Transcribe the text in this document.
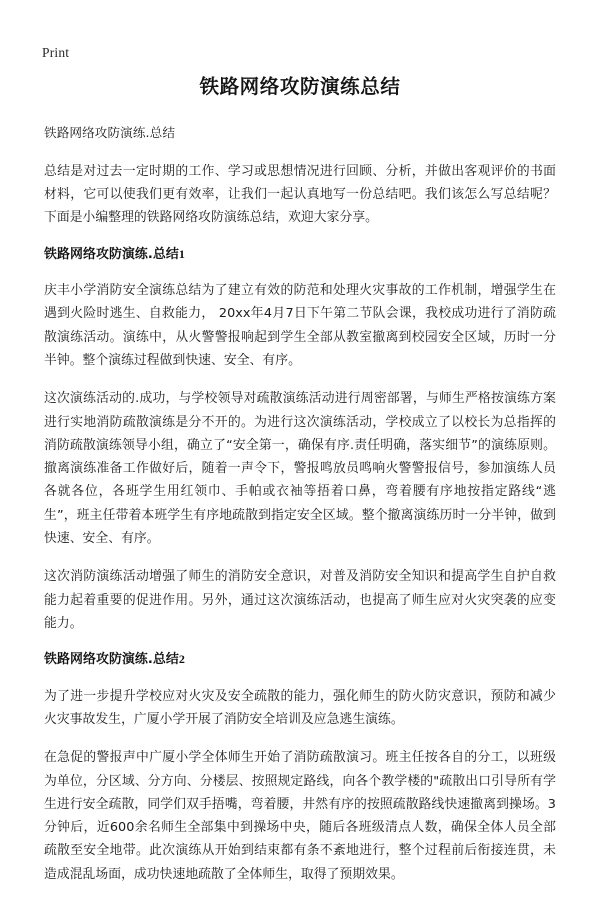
Print
铁路网络攻防演练总结
铁路网络攻防演练.总结

总结是对过去一定时期的工作、学习或思想情况进行回顾、分析，并做出客观评价的书面材料，它可以使我们更有效率，让我们一起认真地写一份总结吧。我们该怎么写总结呢？下面是小编整理的铁路网络攻防演练总结，欢迎大家分享。

铁路网络攻防演练.总结1

庆丰小学消防安全演练总结为了建立有效的防范和处理火灾事故的工作机制，增强学生在遇到火险时逃生、自救能力， 20xx年4月7日下午第二节队会课，我校成功进行了消防疏散演练活动。演练中，从火警警报响起到学生全部从教室撤离到校园安全区域，历时一分半钟。整个演练过程做到快速、安全、有序。

这次演练活动的.成功，与学校领导对疏散演练活动进行周密部署，与师生严格按演练方案进行实地消防疏散演练是分不开的。为进行这次演练活动，学校成立了以校长为总指挥的消防疏散演练领导小组，确立了“安全第一，确保有序.责任明确，落实细节”的演练原则。撤离演练准备工作做好后，随着一声令下，警报鸣放员鸣响火警警报信号，参加演练人员各就各位，各班学生用红领巾、手帕或衣袖等捂着口鼻，弯着腰有序地按指定路线“逃生”，班主任带着本班学生有序地疏散到指定安全区域。整个撤离演练历时一分半钟，做到快速、安全、有序。

这次消防演练活动增强了师生的消防安全意识，对普及消防安全知识和提高学生自护自救能力起着重要的促进作用。另外，通过这次演练活动，也提高了师生应对火灾突袭的应变能力。

铁路网络攻防演练.总结2

为了进一步提升学校应对火灾及安全疏散的能力，强化师生的防火防灾意识，预防和减少火灾事故发生，广厦小学开展了消防安全培训及应急逃生演练。

在急促的警报声中广厦小学全体师生开始了消防疏散演习。班主任按各自的分工，以班级为单位，分区域、分方向、分楼层、按照规定路线，向各个教学楼的"疏散出口引导所有学生进行安全疏散，同学们双手捂嘴，弯着腰，井然有序的按照疏散路线快速撤离到操场。3分钟后，近600余名师生全部集中到操场中央，随后各班级清点人数，确保全体人员全部疏散至安全地带。此次演练从开始到结束都有条不紊地进行，整个过程前后衔接连贯，未造成混乱场面，成功快速地疏散了全体师生，取得了预期效果。
